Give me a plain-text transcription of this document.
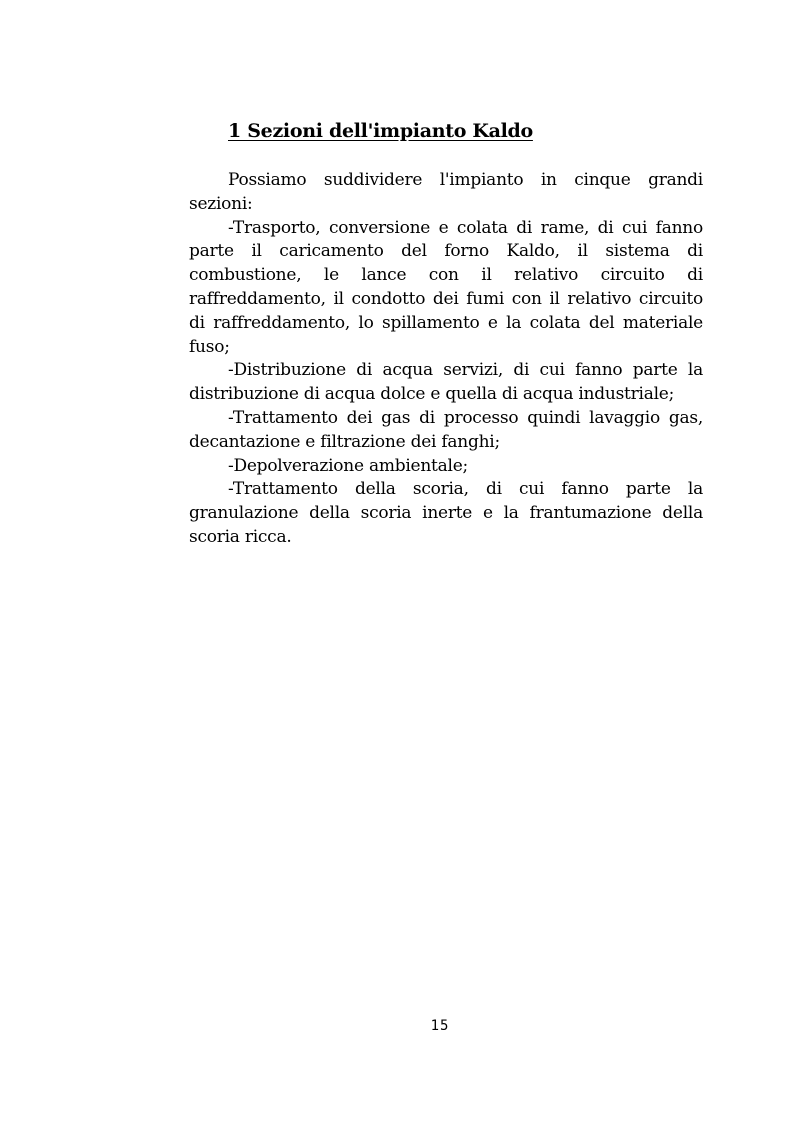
1 Sezioni dell'impianto Kaldo

Possiamo suddividere l'impianto in cinque grandi sezioni:

-Trasporto, conversione e colata di rame, di cui fanno parte il caricamento del forno Kaldo, il sistema di combustione, le lance con il relativo circuito di raffreddamento, il condotto dei fumi con il relativo circuito di raffreddamento, lo spillamento e la colata del materiale fuso;

-Distribuzione di acqua servizi, di cui fanno parte la distribuzione di acqua dolce e quella di acqua industriale;

-Trattamento dei gas di processo quindi lavaggio gas, decantazione e filtrazione dei fanghi;

-Depolverazione ambientale;

-Trattamento della scoria, di cui fanno parte la granulazione della scoria inerte e la frantumazione della scoria ricca.

15
